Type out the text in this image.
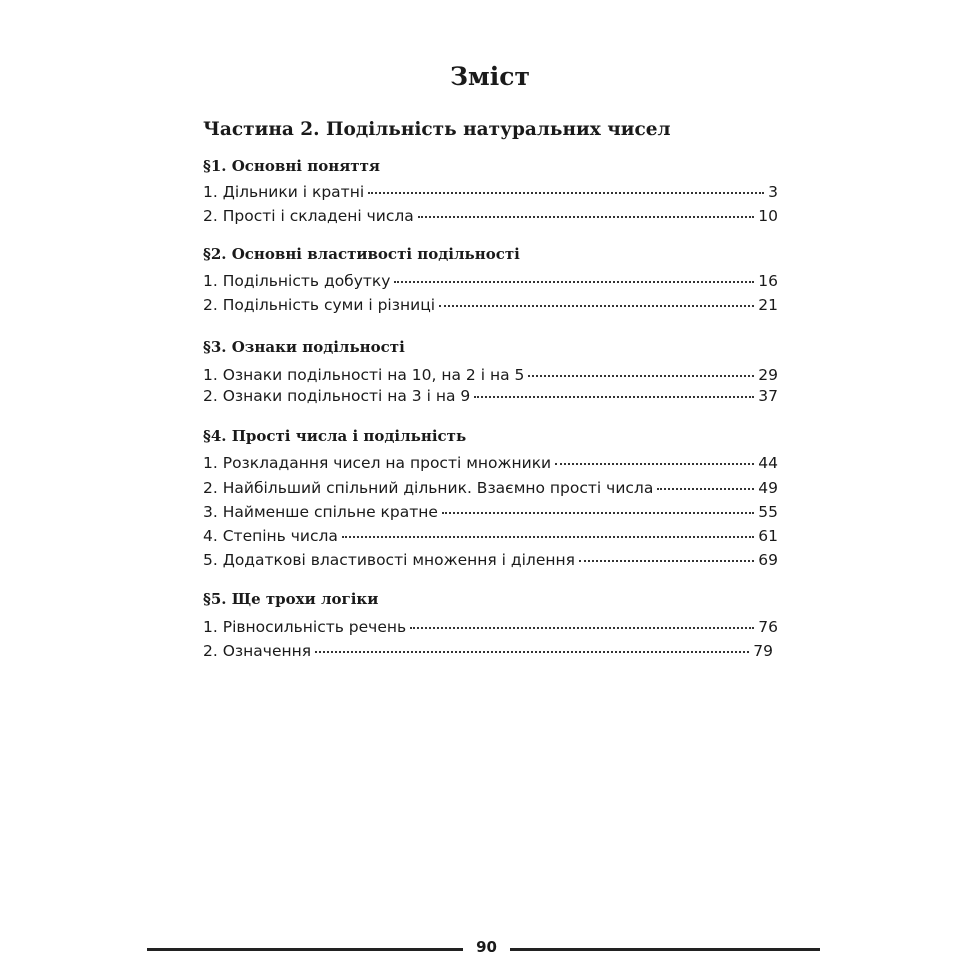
Зміст
Частина 2. Подільність натуральних чисел
§1. Основні поняття
1. Дільники і кратні	3
2. Прості і складені числа	10
§2. Основні властивості подільності
1. Подільність добутку	16
2. Подільність суми і різниці	21
§3. Ознаки подільності
1. Ознаки подільності на 10, на 2 і на 5	29
2. Ознаки подільності на 3 і на 9	37
§4. Прості числа і подільність
1. Розкладання чисел на прості множники	44
2. Найбільший спільний дільник. Взаємно прості числа	49
3. Найменше спільне кратне	55
4. Степінь числа	61
5. Додаткові властивості множення і ділення	69
§5. Ще трохи логіки
1. Рівносильність речень	76
2. Означення	79
90
